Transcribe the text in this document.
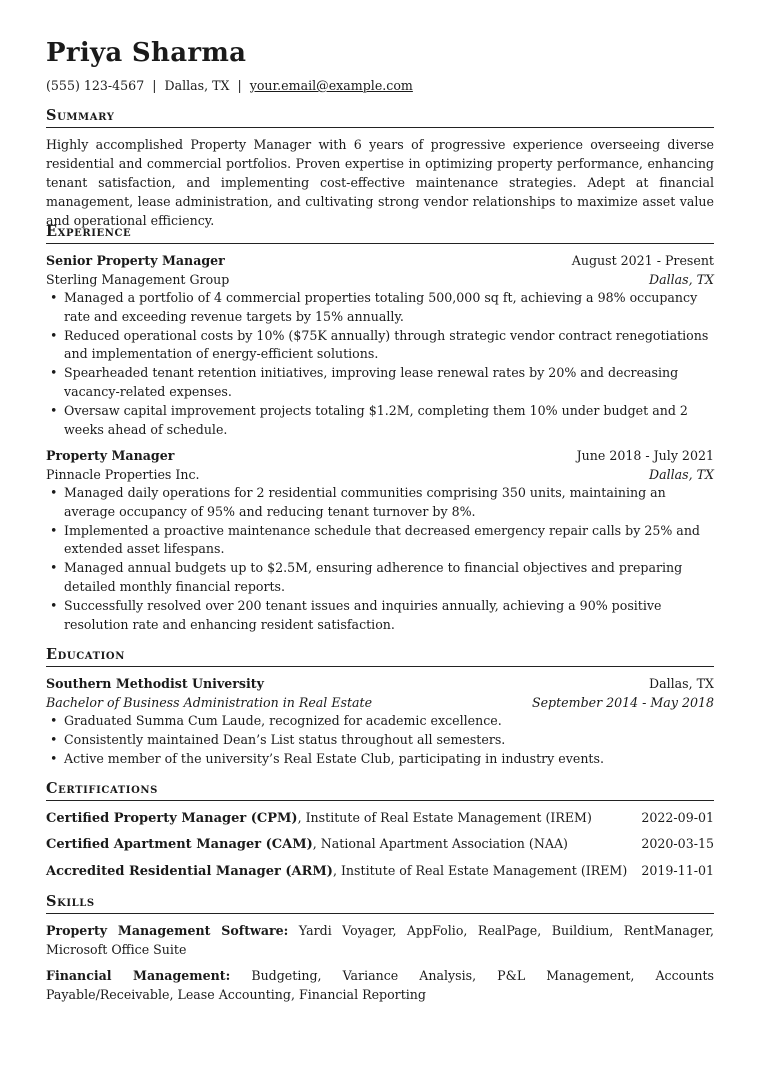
Priya Sharma
(555) 123-4567 | Dallas, TX | your.email@example.com
Summary
Highly accomplished Property Manager with 6 years of progressive experience overseeing diverse residential and commercial portfolios. Proven expertise in optimizing property performance, enhancing tenant satisfaction, and implementing cost-effective maintenance strategies. Adept at financial management, lease administration, and cultivating strong vendor relationships to maximize asset value and operational efficiency.
Experience
Senior Property Manager	August 2021 - Present
Sterling Management Group	Dallas, TX
• Managed a portfolio of 4 commercial properties totaling 500,000 sq ft, achieving a 98% occupancy rate and exceeding revenue targets by 15% annually.
• Reduced operational costs by 10% ($75K annually) through strategic vendor contract renegotiations and implementation of energy-efficient solutions.
• Spearheaded tenant retention initiatives, improving lease renewal rates by 20% and decreasing vacancy-related expenses.
• Oversaw capital improvement projects totaling $1.2M, completing them 10% under budget and 2 weeks ahead of schedule.
Property Manager	June 2018 - July 2021
Pinnacle Properties Inc.	Dallas, TX
• Managed daily operations for 2 residential communities comprising 350 units, maintaining an average occupancy of 95% and reducing tenant turnover by 8%.
• Implemented a proactive maintenance schedule that decreased emergency repair calls by 25% and extended asset lifespans.
• Managed annual budgets up to $2.5M, ensuring adherence to financial objectives and preparing detailed monthly financial reports.
• Successfully resolved over 200 tenant issues and inquiries annually, achieving a 90% positive resolution rate and enhancing resident satisfaction.
Education
Southern Methodist University	Dallas, TX
Bachelor of Business Administration in Real Estate	September 2014 - May 2018
• Graduated Summa Cum Laude, recognized for academic excellence.
• Consistently maintained Dean’s List status throughout all semesters.
• Active member of the university’s Real Estate Club, participating in industry events.
Certifications
Certified Property Manager (CPM), Institute of Real Estate Management (IREM)	2022-09-01
Certified Apartment Manager (CAM), National Apartment Association (NAA)	2020-03-15
Accredited Residential Manager (ARM), Institute of Real Estate Management (IREM) 2019-11-01
Skills
Property Management Software: Yardi Voyager, AppFolio, RealPage, Buildium, RentManager, Microsoft Office Suite
Financial Management: Budgeting, Variance Analysis, P&L Management, Accounts Payable/Receivable, Lease Accounting, Financial Reporting
